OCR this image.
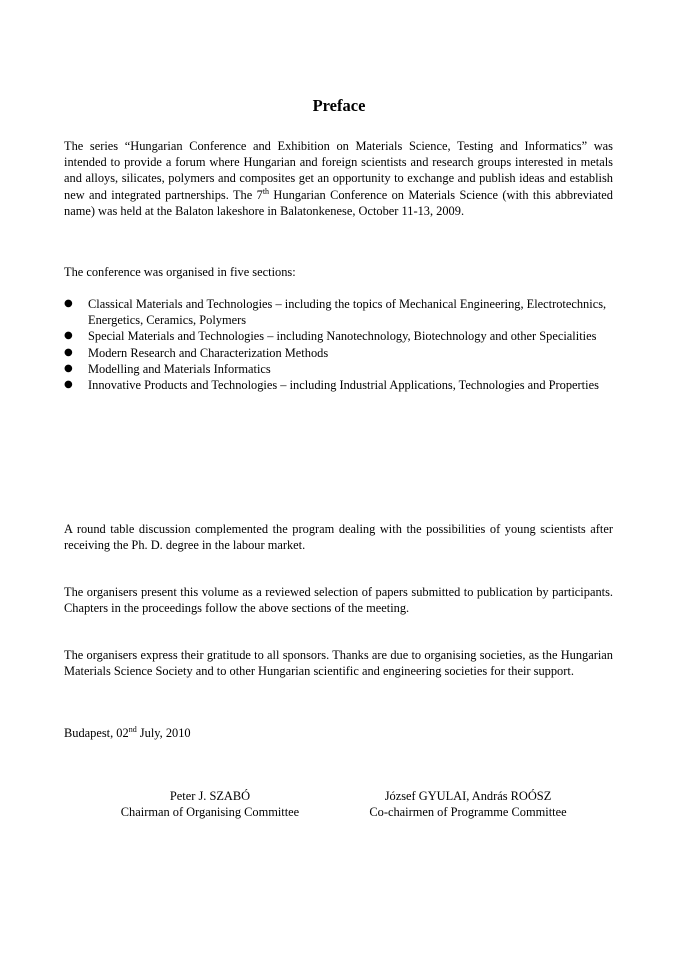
Preface
The series “Hungarian Conference and Exhibition on Materials Science, Testing and Informatics” was intended to provide a forum where Hungarian and foreign scientists and research groups interested in metals and alloys, silicates, polymers and composites get an opportunity to exchange and publish ideas and establish new and integrated partnerships. The 7th Hungarian Conference on Materials Science (with this abbreviated name) was held at the Balaton lakeshore in Balatonkenese, October 11-13, 2009.
The conference was organised in five sections:
● Classical Materials and Technologies – including the topics of Mechanical Engineering, Electrotechnics, Energetics, Ceramics, Polymers
● Special Materials and Technologies – including Nanotechnology, Biotechnology and other Specialities
● Modern Research and Characterization Methods
● Modelling and Materials Informatics
● Innovative Products and Technologies – including Industrial Applications, Technologies and Properties
A round table discussion complemented the program dealing with the possibilities of young scientists after receiving the Ph. D. degree in the labour market.
The organisers present this volume as a reviewed selection of papers submitted to publication by participants. Chapters in the proceedings follow the above sections of the meeting.
The organisers express their gratitude to all sponsors. Thanks are due to organising societies, as the Hungarian Materials Science Society and to other Hungarian scientific and engineering societies for their support.
Budapest, 02nd July, 2010
Peter J. SZABÓ
Chairman of Organising Committee
József GYULAI, András ROÓSZ
Co-chairmen of Programme Committee
